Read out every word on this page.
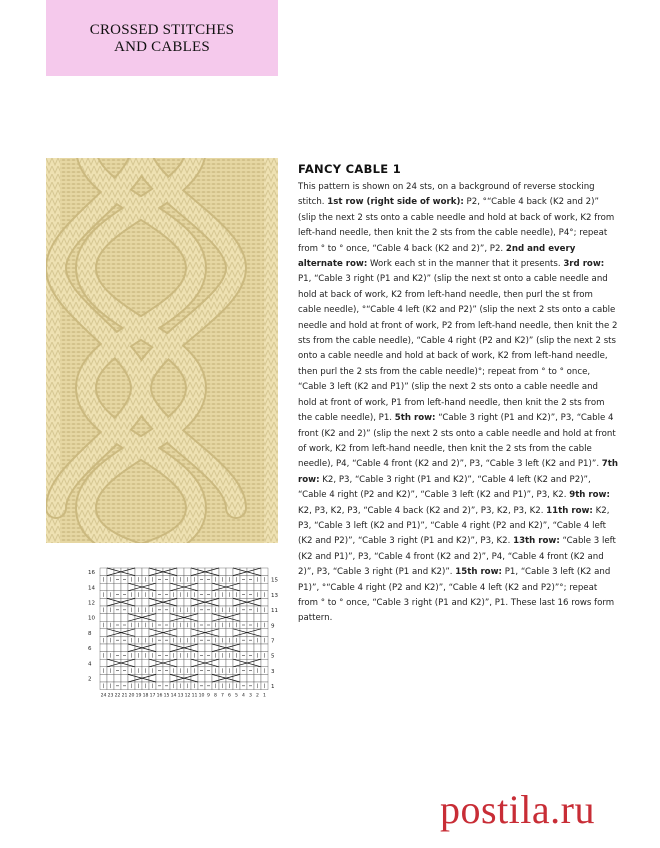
CROSSED STITCHES
AND CABLES
16
14
12
10
8
6
4
2
15
13
11
9
7
5
3
1
24 23 22 21 20 19 18 17 16 15 14 13 12 11 10 9 8 7 6 5 4 3 2 1
FANCY CABLE 1

This pattern is shown on 24 sts, on a background of reverse stocking stitch. 1st row (right side of work): P2, °“Cable 4 back (K2 and 2)” (slip the next 2 sts onto a cable needle and hold at back of work, K2 from left-hand needle, then knit the 2 sts from the cable needle), P4°; repeat from ° to ° once, “Cable 4 back (K2 and 2)”, P2. 2nd and every alternate row: Work each st in the manner that it presents. 3rd row: P1, “Cable 3 right (P1 and K2)” (slip the next st onto a cable needle and hold at back of work, K2 from left-hand needle, then purl the st from cable needle), °“Cable 4 left (K2 and P2)” (slip the next 2 sts onto a cable needle and hold at front of work, P2 from left-hand needle, then knit the 2 sts from the cable needle), “Cable 4 right (P2 and K2)” (slip the next 2 sts onto a cable needle and hold at back of work, K2 from left-hand needle, then purl the 2 sts from the cable needle)°; repeat from ° to ° once, “Cable 3 left (K2 and P1)” (slip the next 2 sts onto a cable needle and hold at front of work, P1 from left-hand needle, then knit the 2 sts from the cable needle), P1. 5th row: “Cable 3 right (P1 and K2)”, P3, “Cable 4 front (K2 and 2)” (slip the next 2 sts onto a cable needle and hold at front of work, K2 from left-hand needle, then knit the 2 sts from the cable needle), P4, “Cable 4 front (K2 and 2)”, P3, “Cable 3 left (K2 and P1)”. 7th row: K2, P3, “Cable 3 right (P1 and K2)”, “Cable 4 left (K2 and P2)”, “Cable 4 right (P2 and K2)”, “Cable 3 left (K2 and P1)”, P3, K2. 9th row: K2, P3, K2, P3, “Cable 4 back (K2 and 2)”, P3, K2, P3, K2. 11th row: K2, P3, “Cable 3 left (K2 and P1)”, “Cable 4 right (P2 and K2)”, “Cable 4 left (K2 and P2)”, “Cable 3 right (P1 and K2)”, P3, K2. 13th row: “Cable 3 left (K2 and P1)”, P3, “Cable 4 front (K2 and 2)”, P4, “Cable 4 front (K2 and 2)”, P3, “Cable 3 right (P1 and K2)”. 15th row: P1, “Cable 3 left (K2 and P1)”, °“Cable 4 right (P2 and K2)”, “Cable 4 left (K2 and P2)”°; repeat from ° to ° once, “Cable 3 right (P1 and K2)”, P1. These last 16 rows form pattern.

postila.ru
